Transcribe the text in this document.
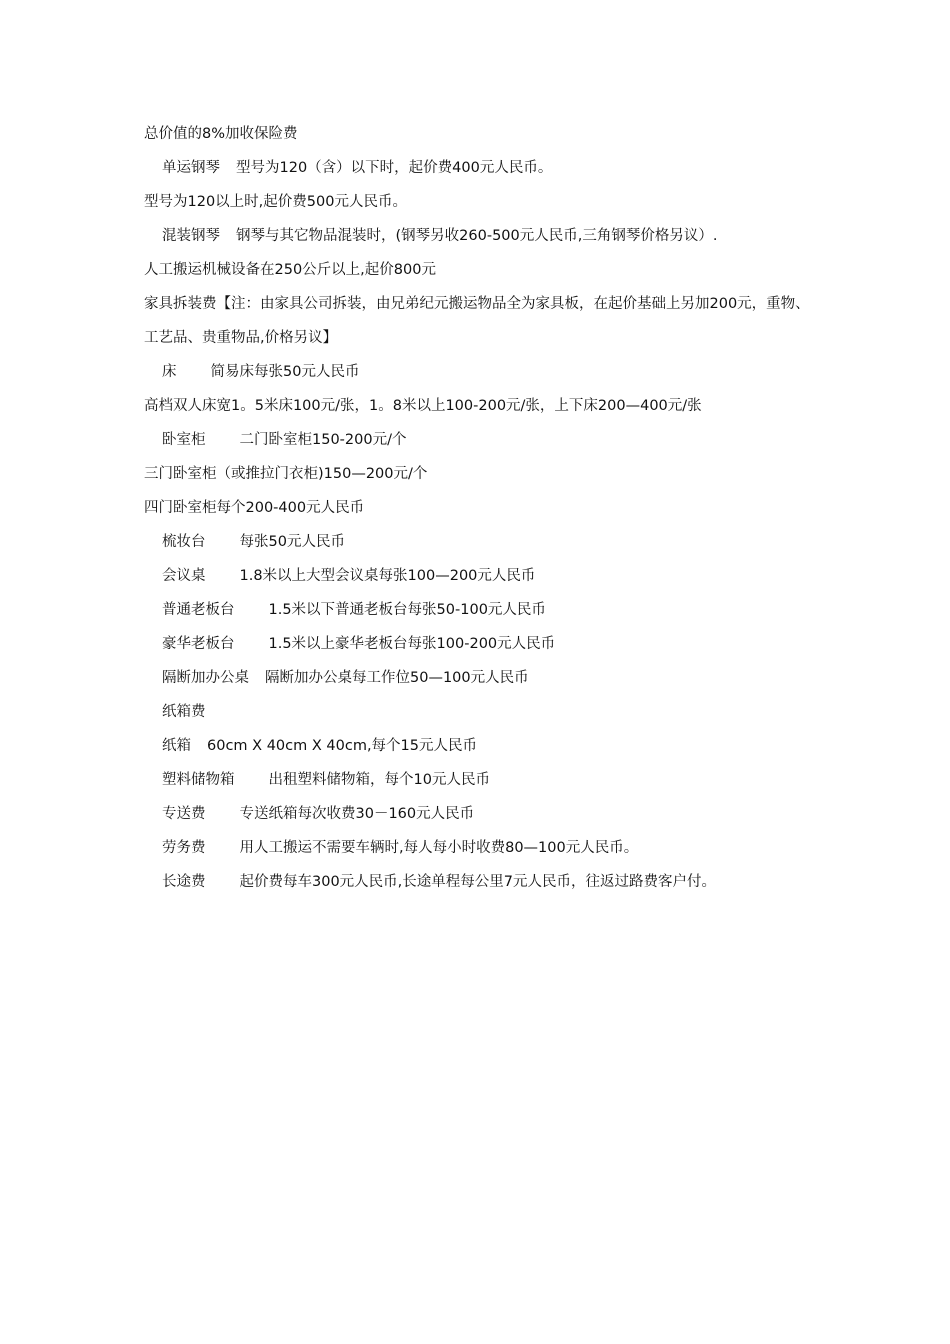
总价值的8%加收保险费
单运钢琴 型号为120（含）以下时，起价费400元人民币。
型号为120以上时,起价费500元人民币。
混装钢琴 钢琴与其它物品混装时，(钢琴另收260-500元人民币,三角钢琴价格另议）.
人工搬运机械设备在250公斤以上,起价800元
家具拆装费【注：由家具公司拆装，由兄弟纪元搬运物品全为家具板，在起价基础上另加200元，重物、工艺品、贵重物品,价格另议】
床 简易床每张50元人民币
高档双人床宽1。5米床100元/张，1。8米以上100-200元/张，上下床200—400元/张
卧室柜 二门卧室柜150-200元/个
三门卧室柜（或推拉门衣柜)150—200元/个
四门卧室柜每个200-400元人民币
梳妆台 每张50元人民币
会议桌 1.8米以上大型会议桌每张100—200元人民币
普通老板台 1.5米以下普通老板台每张50-100元人民币
豪华老板台 1.5米以上豪华老板台每张100-200元人民币
隔断加办公桌 隔断加办公桌每工作位50—100元人民币
纸箱费
纸箱 60cm X 40cm X 40cm,每个15元人民币
塑料储物箱 出租塑料储物箱，每个10元人民币
专送费 专送纸箱每次收费30－160元人民币
劳务费 用人工搬运不需要车辆时,每人每小时收费80—100元人民币。
长途费 起价费每车300元人民币,长途单程每公里7元人民币，往返过路费客户付。
